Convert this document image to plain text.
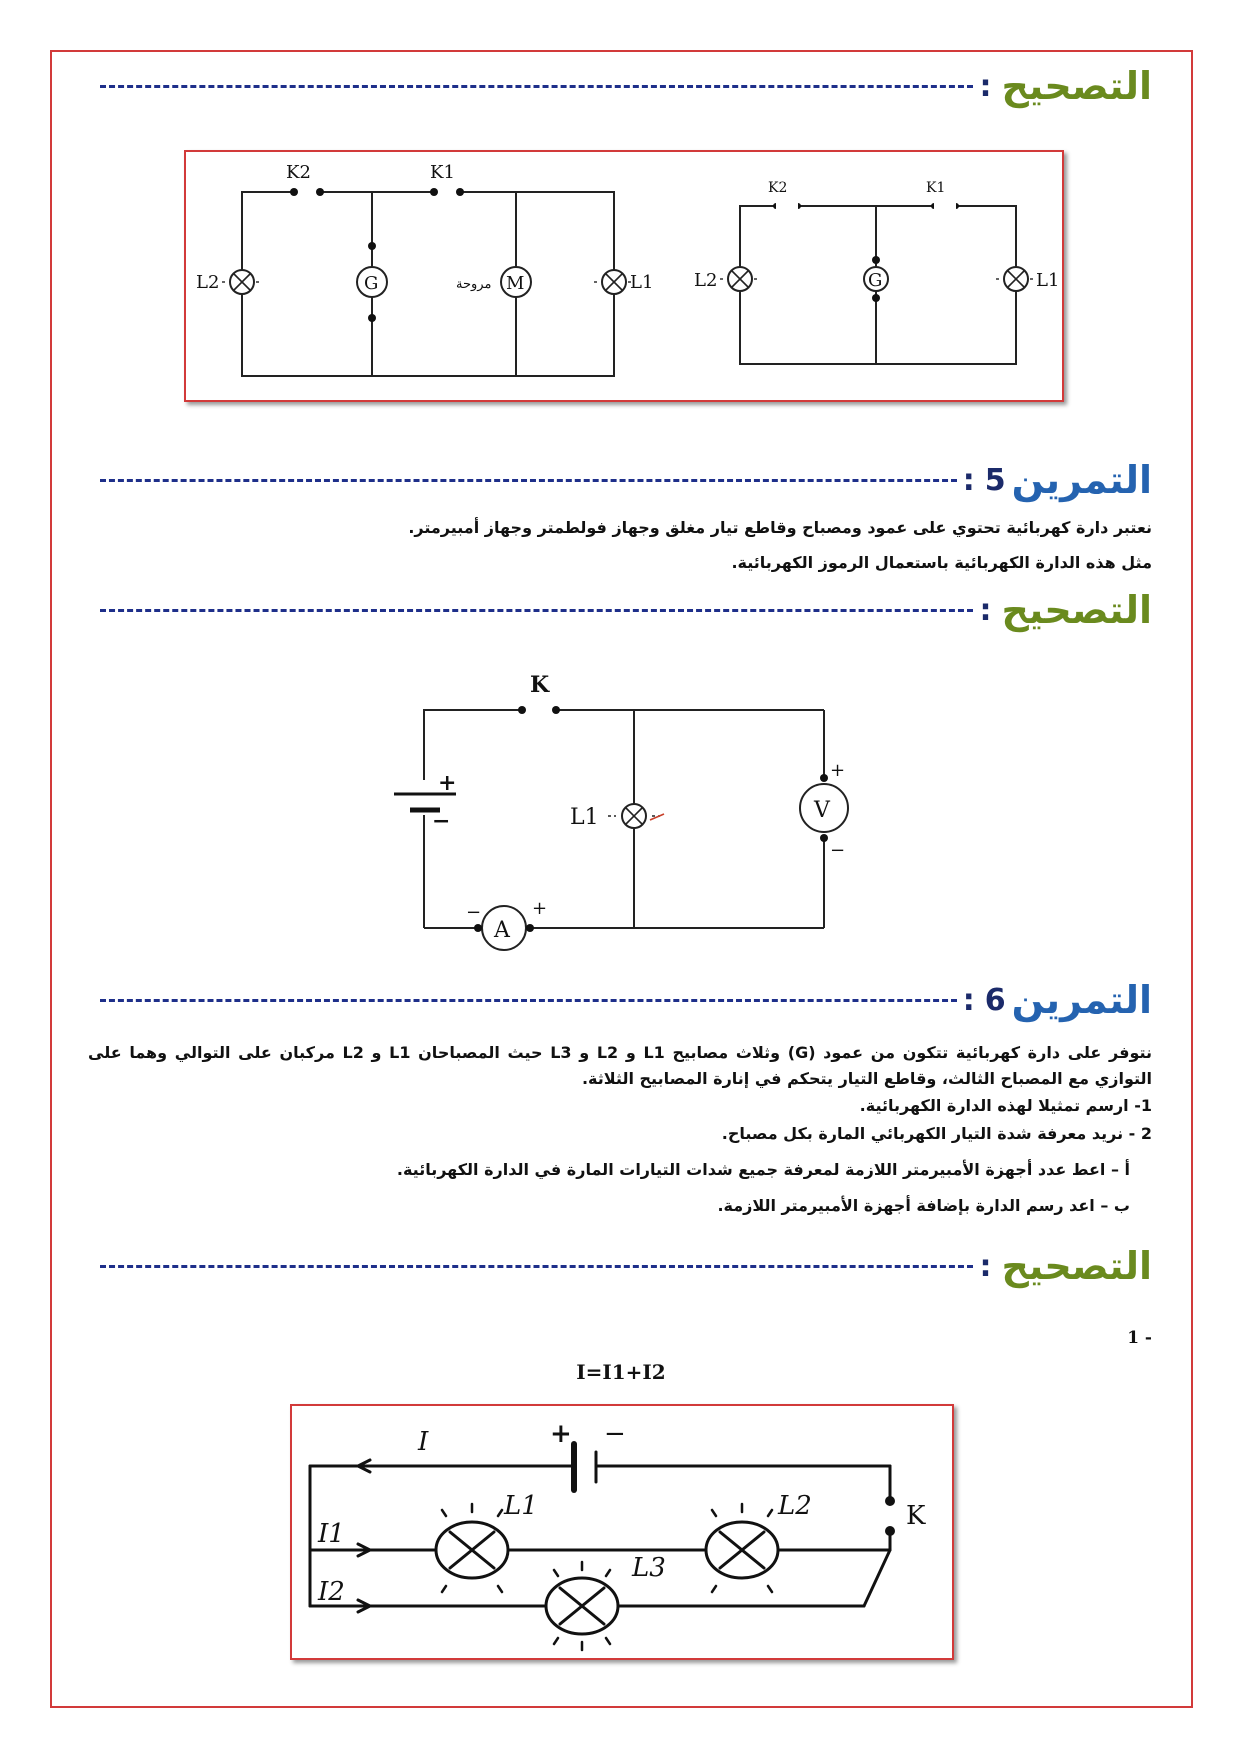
التصحيح
:
K2	K1
L2	G	M
مروحة	L1
K2	K1
L2	G	L1
التمرين
5
:
نعتبر دارة كهربائية تحتوي على عمود ومصباح وقاطع تيار مغلق وجهاز فولطمتر وجهاز أمبيرمتر.
مثل هذه الدارة الكهربائية باستعمال الرموز الكهربائية.
التصحيح
:
K
L1	V
A
+
−
+
−
−	+
التمرين
6
:
نتوفر على دارة كهربائية تتكون من عمود (G) وثلاث مصابيح L1 و L2 و L3 حيث المصباحان L1 و L2 مركبان على التوالي وهما على التوازي مع المصباح الثالث، وقاطع التيار يتحكم في إنارة المصابيح الثلاثة.
1- ارسم تمثيلا لهذه الدارة الكهربائية.
2 - نريد معرفة شدة التيار الكهربائي المارة بكل مصباح.
أ – اعط عدد أجهزة الأمبيرمتر اللازمة لمعرفة جميع شدات التيارات المارة في الدارة الكهربائية.
ب – اعد رسم الدارة بإضافة أجهزة الأمبيرمتر اللازمة.
التصحيح
:
1 -
I=I1+I2
I
I1
I2
L1	L2
L3
K
+ −
